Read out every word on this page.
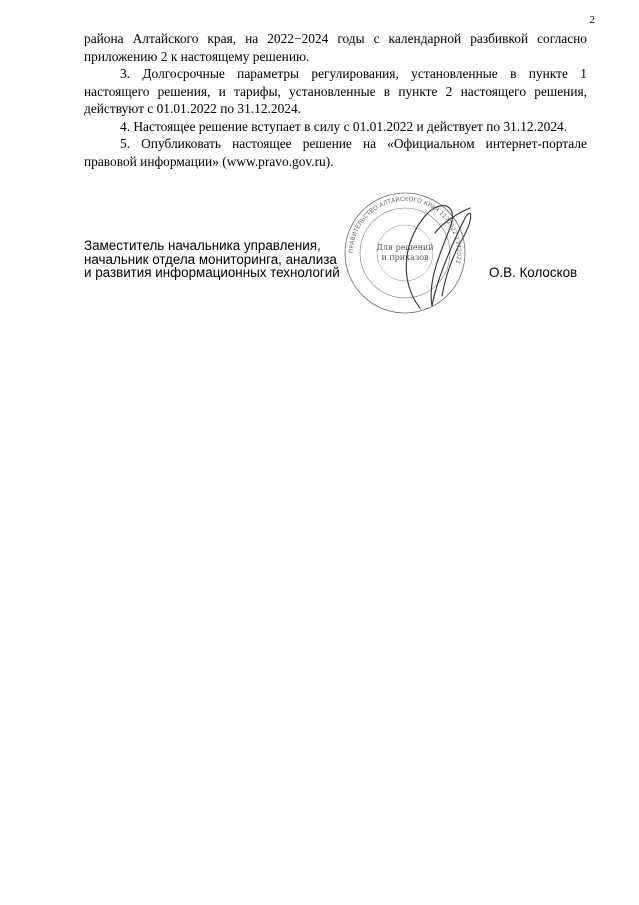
2

района Алтайского края, на 2022−2024 годы с календарной разбивкой согласно приложению 2 к настоящему решению.

3. Долгосрочные параметры регулирования, установленные в пункте 1 настоящего решения, и тарифы, установленные в пункте 2 настоящего решения, действуют с 01.01.2022 по 31.12.2024.

4. Настоящее решение вступает в силу с 01.01.2022 и действует по 31.12.2024.

5. Опубликовать настоящее решение на «Официальном интернет-портале правовой информации» (www.pravo.gov.ru).

Заместитель начальника управления,
начальник отдела мониторинга, анализа
и развития информационных технологий
ПРАВИТЕЛЬСТВО АЛТАЙСКОГО КРАЯ 1172022 1172022
Для решений
и приказов
О.В. Колосков
